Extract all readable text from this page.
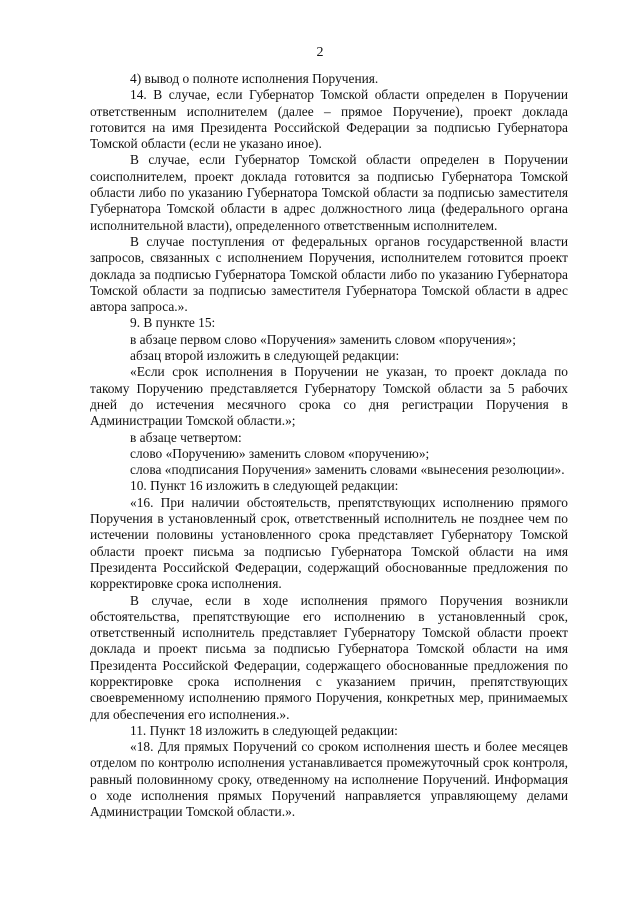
2

4) вывод о полноте исполнения Поручения.

14. В случае, если Губернатор Томской области определен в Поручении ответственным исполнителем (далее – прямое Поручение), проект доклада готовится на имя Президента Российской Федерации за подписью Губернатора Томской области (если не указано иное).

В случае, если Губернатор Томской области определен в Поручении соисполнителем, проект доклада готовится за подписью Губернатора Томской области либо по указанию Губернатора Томской области за подписью заместителя Губернатора Томской области в адрес должностного лица (федерального органа исполнительной власти), определенного ответственным исполнителем.

В случае поступления от федеральных органов государственной власти запросов, связанных с исполнением Поручения, исполнителем готовится проект доклада за подписью Губернатора Томской области либо по указанию Губернатора Томской области за подписью заместителя Губернатора Томской области в адрес автора запроса.».

9. В пункте 15:

в абзаце первом слово «Поручения» заменить словом «поручения»;

абзац второй изложить в следующей редакции:

«Если срок исполнения в Поручении не указан, то проект доклада по такому Поручению представляется Губернатору Томской области за 5 рабочих дней до истечения месячного срока со дня регистрации Поручения в Администрации Томской области.»;

в абзаце четвертом:

слово «Поручению» заменить словом «поручению»;

слова «подписания Поручения» заменить словами «вынесения резолюции».

10. Пункт 16 изложить в следующей редакции:

«16. При наличии обстоятельств, препятствующих исполнению прямого Поручения в установленный срок, ответственный исполнитель не позднее чем по истечении половины установленного срока представляет Губернатору Томской области проект письма за подписью Губернатора Томской области на имя Президента Российской Федерации, содержащий обоснованные предложения по корректировке срока исполнения.

В случае, если в ходе исполнения прямого Поручения возникли обстоятельства, препятствующие его исполнению в установленный срок, ответственный исполнитель представляет Губернатору Томской области проект доклада и проект письма за подписью Губернатора Томской области на имя Президента Российской Федерации, содержащего обоснованные предложения по корректировке срока исполнения с указанием причин, препятствующих своевременному исполнению прямого Поручения, конкретных мер, принимаемых для обеспечения его исполнения.».

11. Пункт 18 изложить в следующей редакции:

«18. Для прямых Поручений со сроком исполнения шесть и более месяцев отделом по контролю исполнения устанавливается промежуточный срок контроля, равный половинному сроку, отведенному на исполнение Поручений. Информация о ходе исполнения прямых Поручений направляется управляющему делами Администрации Томской области.».
